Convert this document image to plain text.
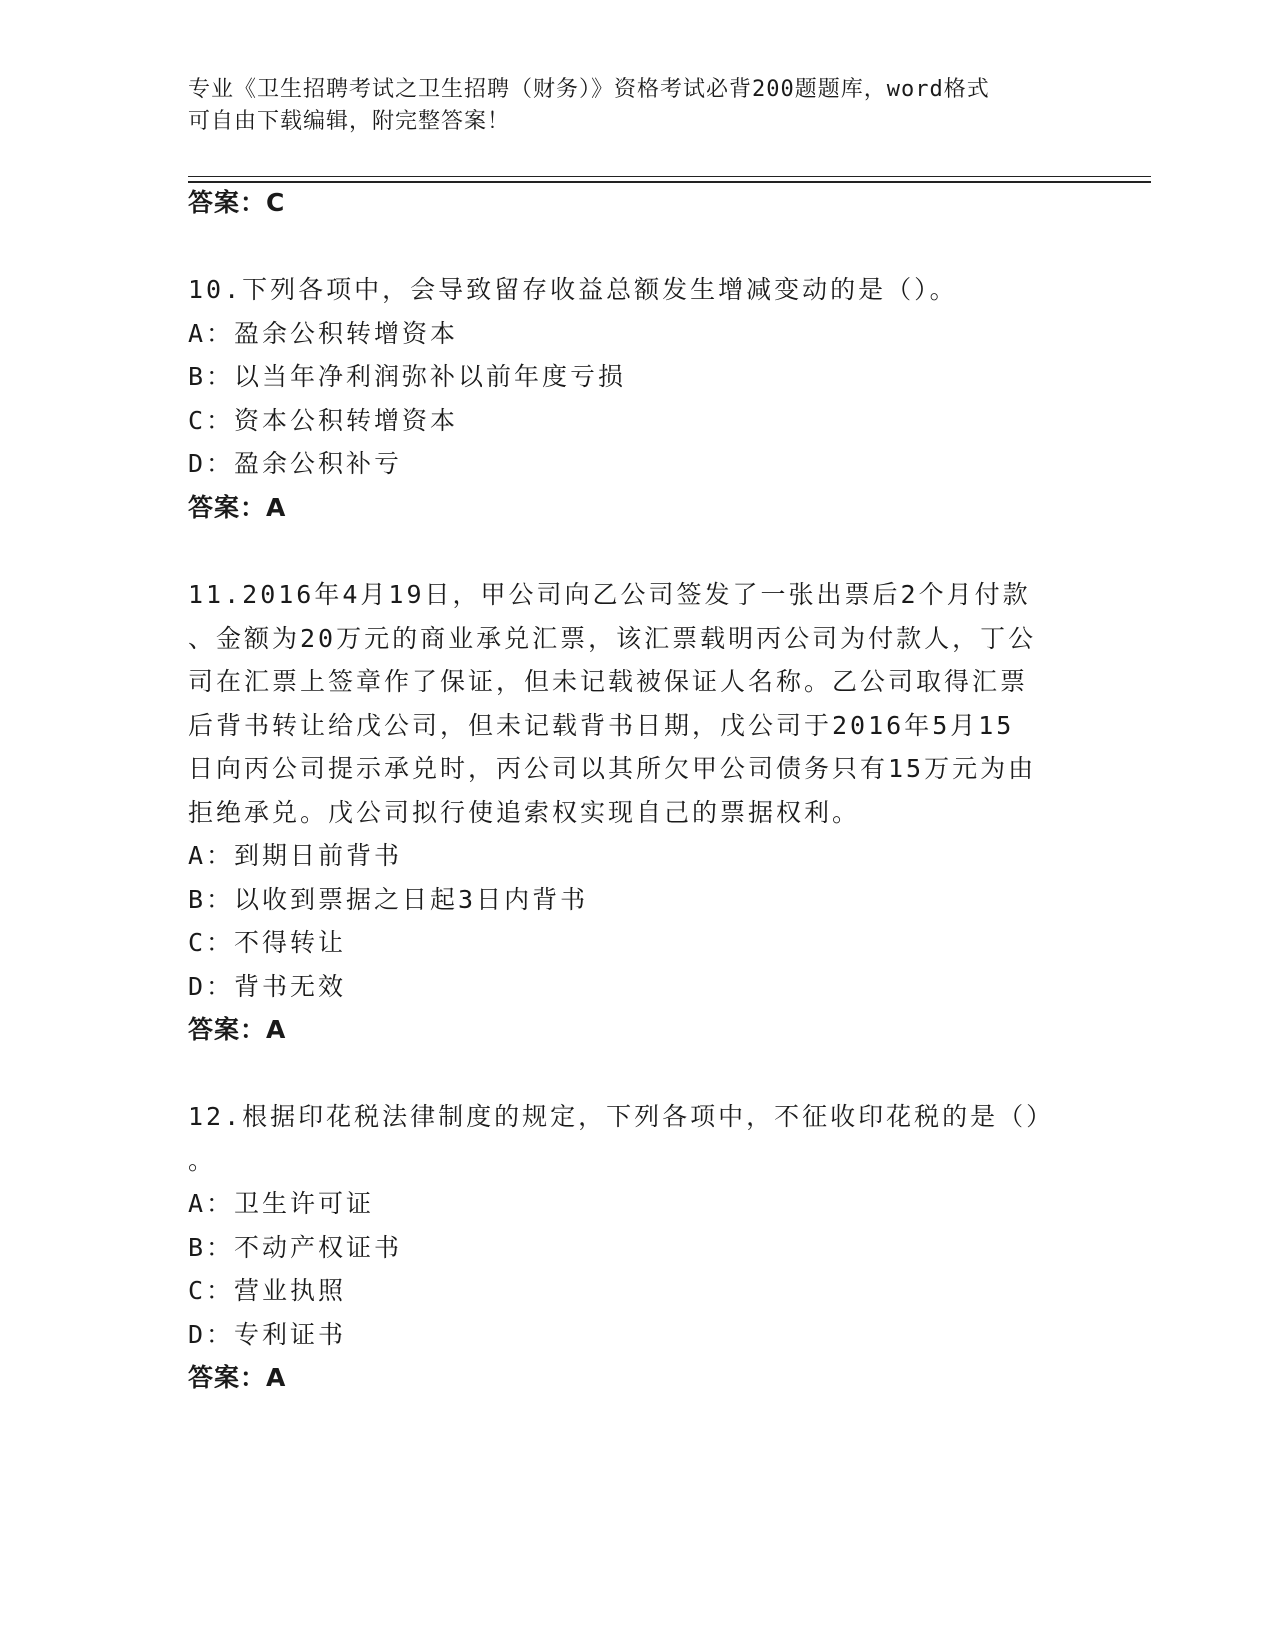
专业《卫生招聘考试之卫生招聘（财务）》资格考试必背200题题库，word格式
可自由下载编辑，附完整答案！
答案：C
10.下列各项中，会导致留存收益总额发生增减变动的是（）。
A：盈余公积转增资本
B：以当年净利润弥补以前年度亏损
C：资本公积转增资本
D：盈余公积补亏
答案：A
11.2016年4月19日，甲公司向乙公司签发了一张出票后2个月付款
、金额为20万元的商业承兑汇票，该汇票载明丙公司为付款人，丁公
司在汇票上签章作了保证，但未记载被保证人名称。乙公司取得汇票
后背书转让给戊公司，但未记载背书日期，戊公司于2016年5月15
日向丙公司提示承兑时，丙公司以其所欠甲公司债务只有15万元为由
拒绝承兑。戊公司拟行使追索权实现自己的票据权利。
A：到期日前背书
B：以收到票据之日起3日内背书
C：不得转让
D：背书无效
答案：A
12.根据印花税法律制度的规定，下列各项中，不征收印花税的是（）
。
A：卫生许可证
B：不动产权证书
C：营业执照
D：专利证书
答案：A
